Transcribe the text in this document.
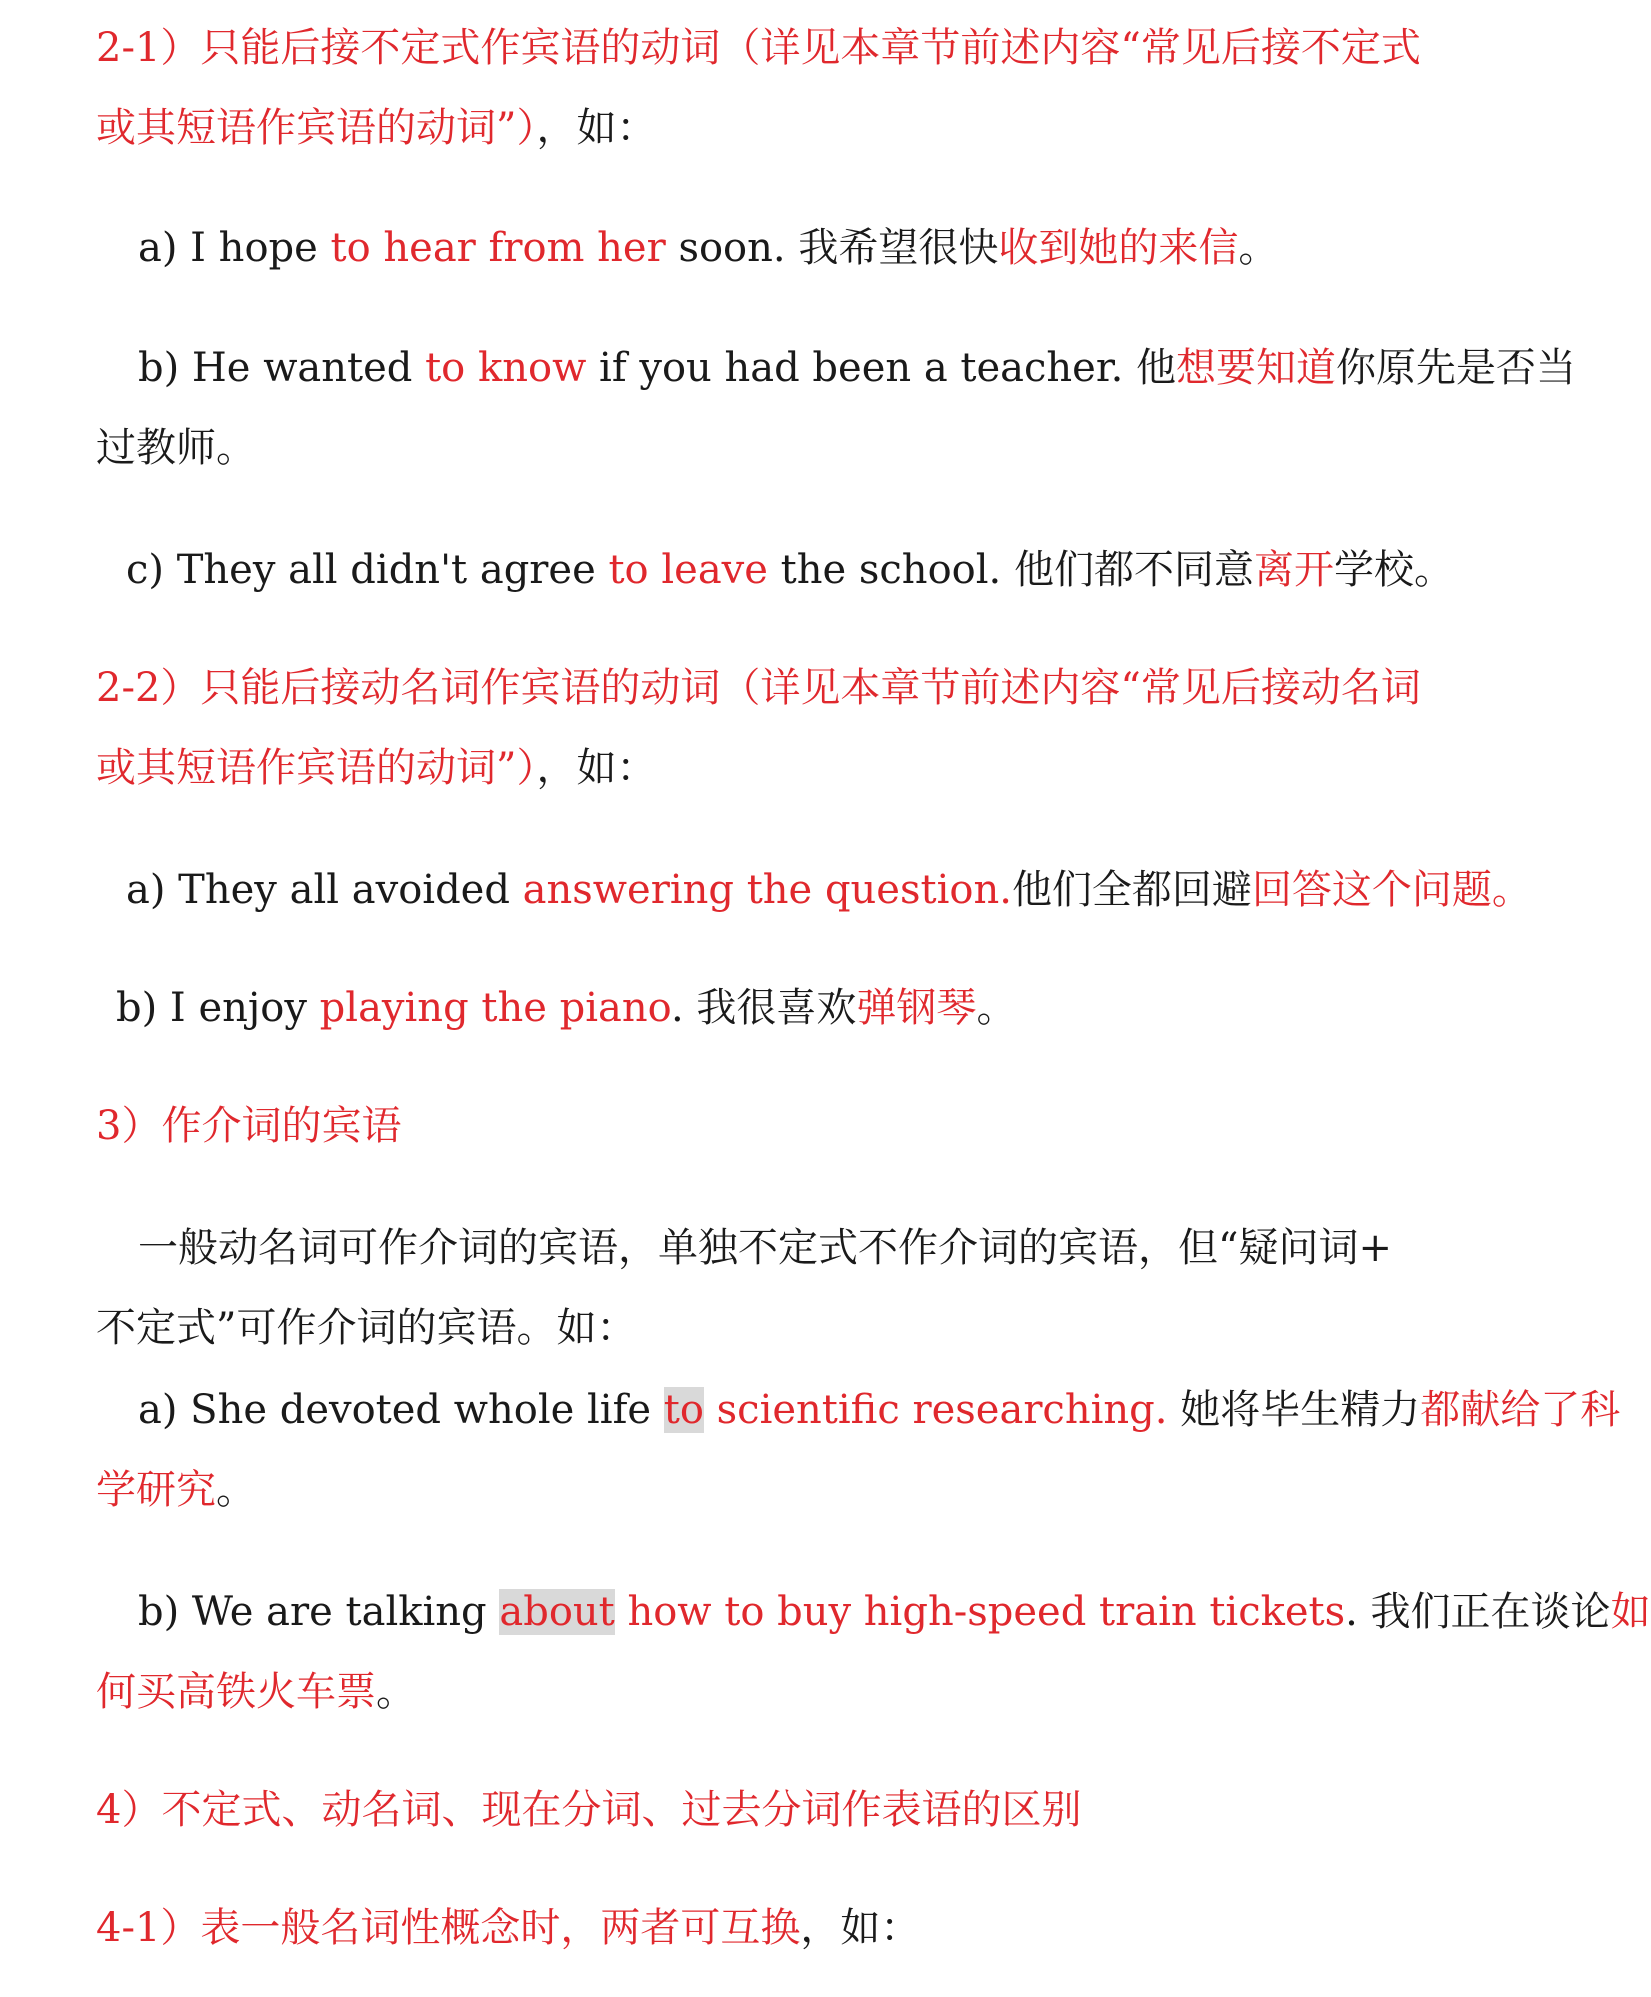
2-1）只能后接不定式作宾语的动词（详见本章节前述内容“常见后接不定式
或其短语作宾语的动词”），如：
a) I hope to hear from her soon. 我希望很快收到她的来信。
b) He wanted to know if you had been a teacher. 他想要知道你原先是否当
过教师。
c) They all didn't agree to leave the school. 他们都不同意离开学校。
2-2）只能后接动名词作宾语的动词（详见本章节前述内容“常见后接动名词
或其短语作宾语的动词”），如：
a) They all avoided answering the question.他们全都回避回答这个问题。
b) I enjoy playing the piano. 我很喜欢弹钢琴。
3）作介词的宾语
一般动名词可作介词的宾语，单独不定式不作介词的宾语，但“疑问词+
不定式”可作介词的宾语。如：
a) She devoted whole life to scientific researching. 她将毕生精力都献给了科
学研究。
b) We are talking about how to buy high-speed train tickets. 我们正在谈论如
何买高铁火车票。
4）不定式、动名词、现在分词、过去分词作表语的区别
4-1）表一般名词性概念时，两者可互换，如：
